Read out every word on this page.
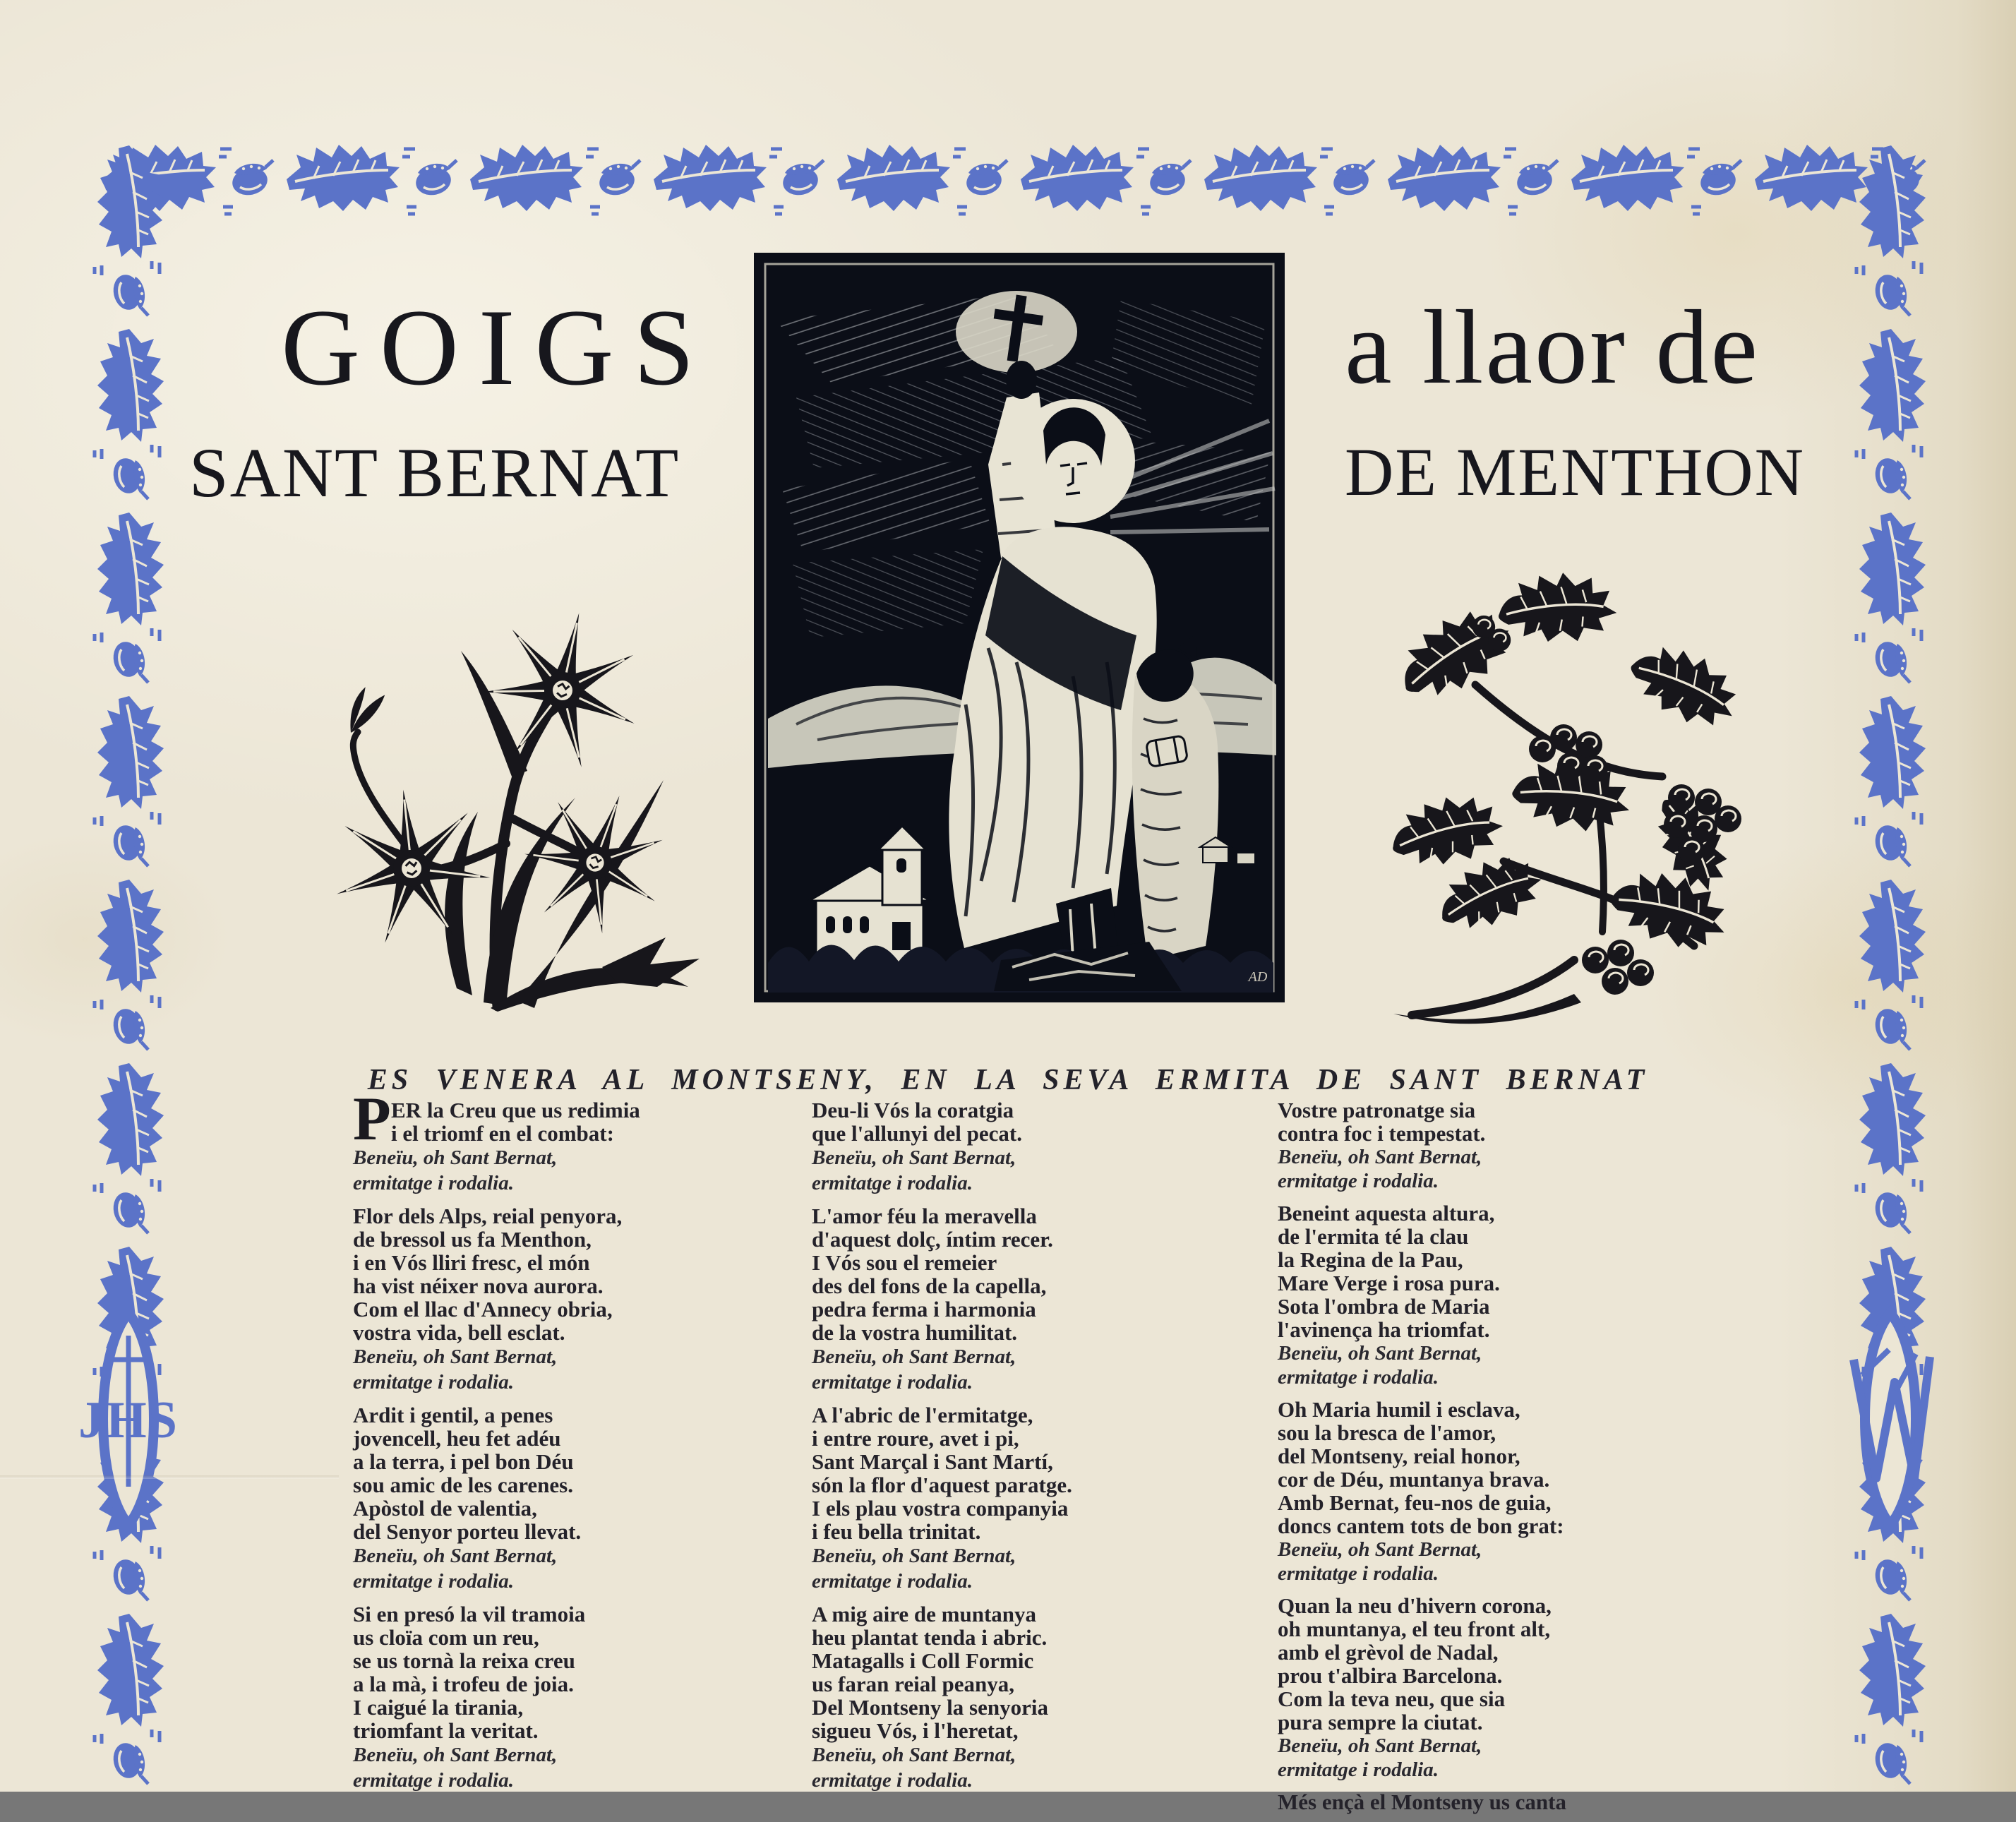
JHS
GOIGS
SANT BERNAT
a llaor de
DE MENTHON
AD
ES VENERA AL MONTSENY, EN LA SEVA ERMITA DE SANT BERNAT
P ER la Creu que us redimia
i el triomf en el combat:
Beneïu, oh Sant Bernat,
ermitatge i rodalia.
Flor dels Alps, reial penyora,
de bressol us fa Menthon,
i en Vós lliri fresc, el món
ha vist néixer nova aurora.
Com el llac d'Annecy obria,
vostra vida, bell esclat.
Beneïu, oh Sant Bernat,
ermitatge i rodalia.
Ardit i gentil, a penes
jovencell, heu fet adéu
a la terra, i pel bon Déu
sou amic de les carenes.
Apòstol de valentia,
del Senyor porteu llevat.
Beneïu, oh Sant Bernat,
ermitatge i rodalia.
Si en presó la vil tramoia
us cloïa com un reu,
se us tornà la reixa creu
a la mà, i trofeu de joia.
I caigué la tirania,
triomfant la veritat.
Beneïu, oh Sant Bernat,
ermitatge i rodalia.
Deu-li Vós la coratgia
que l'allunyi del pecat.
Beneïu, oh Sant Bernat,
ermitatge i rodalia.
L'amor féu la meravella
d'aquest dolç, íntim recer.
I Vós sou el remeier
des del fons de la capella,
pedra ferma i harmonia
de la vostra humilitat.
Beneïu, oh Sant Bernat,
ermitatge i rodalia.
A l'abric de l'ermitatge,
i entre roure, avet i pi,
Sant Marçal i Sant Martí,
són la flor d'aquest paratge.
I els plau vostra companyia
i feu bella trinitat.
Beneïu, oh Sant Bernat,
ermitatge i rodalia.
A mig aire de muntanya
heu plantat tenda i abric.
Matagalls i Coll Formic
us faran reial peanya,
Del Montseny la senyoria
sigueu Vós, i l'heretat,
Beneïu, oh Sant Bernat,
ermitatge i rodalia.
Vostre patronatge sia
contra foc i tempestat.
Beneïu, oh Sant Bernat,
ermitatge i rodalia.
Beneint aquesta altura,
de l'ermita té la clau
la Regina de la Pau,
Mare Verge i rosa pura.
Sota l'ombra de Maria
l'avinença ha triomfat.
Beneïu, oh Sant Bernat,
ermitatge i rodalia.
Oh Maria humil i esclava,
sou la bresca de l'amor,
del Montseny, reial honor,
cor de Déu, muntanya brava.
Amb Bernat, feu-nos de guia,
doncs cantem tots de bon grat:
Beneïu, oh Sant Bernat,
ermitatge i rodalia.
Quan la neu d'hivern corona,
oh muntanya, el teu front alt,
amb el grèvol de Nadal,
prou t'albira Barcelona.
Com la teva neu, que sia
pura sempre la ciutat.
Beneïu, oh Sant Bernat,
ermitatge i rodalia.
Més ençà el Montseny us canta
